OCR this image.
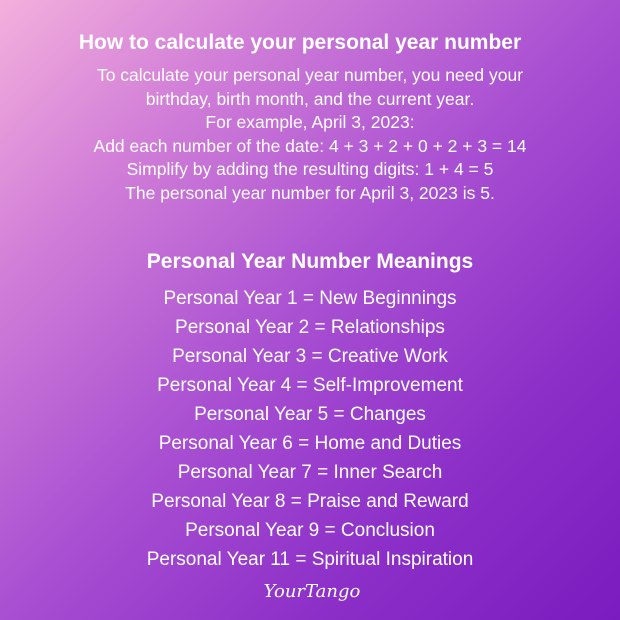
How to calculate your personal year number
To calculate your personal year number, you need your
birthday, birth month, and the current year.
For example, April 3, 2023:
Add each number of the date: 4 + 3 + 2 + 0 + 2 + 3 = 14
Simplify by adding the resulting digits: 1 + 4 = 5
The personal year number for April 3, 2023 is 5.
Personal Year Number Meanings
Personal Year 1 = New Beginnings
Personal Year 2 = Relationships
Personal Year 3 = Creative Work
Personal Year 4 = Self-Improvement
Personal Year 5 = Changes
Personal Year 6 = Home and Duties
Personal Year 7 = Inner Search
Personal Year 8 = Praise and Reward
Personal Year 9 = Conclusion
Personal Year 11 = Spiritual Inspiration
YourTango
